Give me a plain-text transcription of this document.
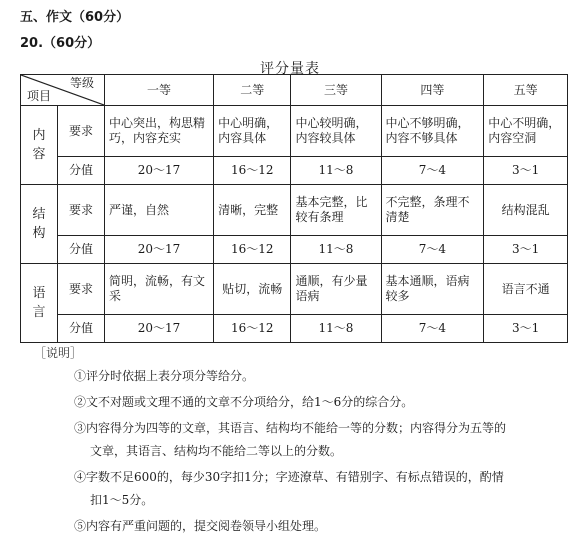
五、作文（60分）
20.（60分）
评分量表
等级
项目		一等	二等	三等	四等	五等
内
容	要求	中心突出，构思精巧，内容充实	中心明确，内容具体	中心较明确，内容较具体	中心不够明确，内容不够具体	中心不明确，内容空洞
	分值	20～17	16～12	11～8	7～4	3～1
结
构	要求	严谨，自然	清晰，完整	基本完整，比较有条理	不完整，条理不清楚	结构混乱
	分值	20～17	16～12	11～8	7～4	3～1
语
言	要求	简明，流畅，有文采	贴切，流畅	通顺，有少量语病	基本通顺，语病较多	语言不通
	分值	20～17	16～12	11～8	7～4	3～1
［说明］
①评分时依据上表分项分等给分。
②文不对题或文理不通的文章不分项给分，给1～6分的综合分。
③内容得分为四等的文章，其语言、结构均不能给一等的分数；内容得分为五等的
文章，其语言、结构均不能给二等以上的分数。
④字数不足600的，每少30字扣1分；字迹潦草、有错别字、有标点错误的，酌情
扣1～5分。
⑤内容有严重问题的，提交阅卷领导小组处理。
